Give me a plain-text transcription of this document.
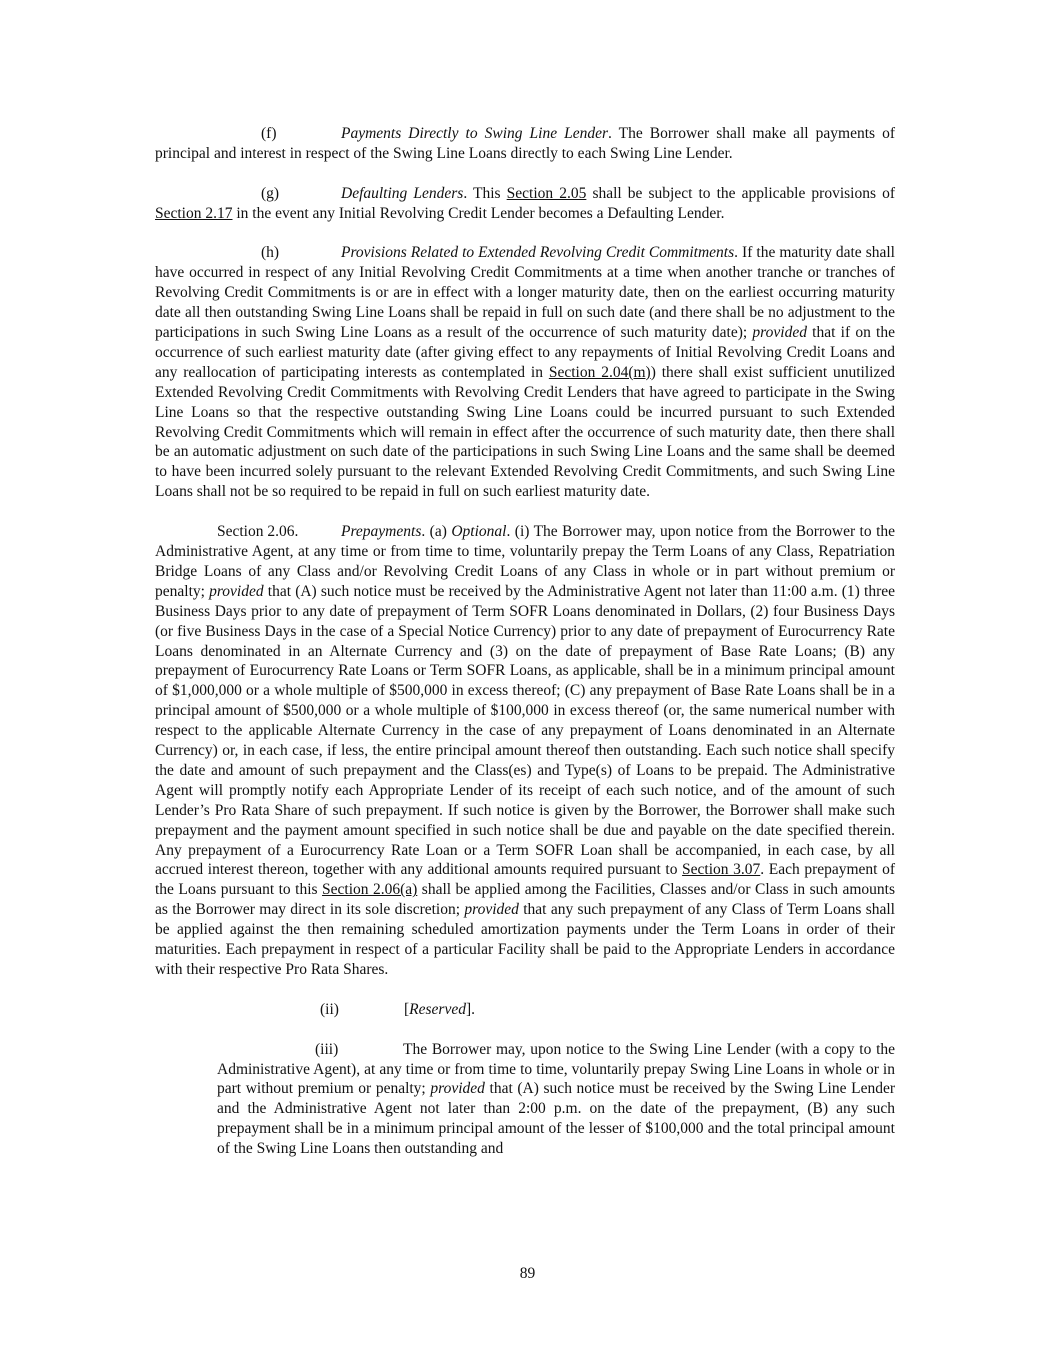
(f)	Payments Directly to Swing Line Lender. The Borrower shall make all payments of principal and interest in respect of the Swing Line Loans directly to each Swing Line Lender.

(g)	Defaulting Lenders. This Section 2.05 shall be subject to the applicable provisions of Section 2.17 in the event any Initial Revolving Credit Lender becomes a Defaulting Lender.

(h)	Provisions Related to Extended Revolving Credit Commitments. If the maturity date shall have occurred in respect of any Initial Revolving Credit Commitments at a time when another tranche or tranches of Revolving Credit Commitments is or are in effect with a longer maturity date, then on the earliest occurring maturity date all then outstanding Swing Line Loans shall be repaid in full on such date (and there shall be no adjustment to the participations in such Swing Line Loans as a result of the occurrence of such maturity date); provided that if on the occurrence of such earliest maturity date (after giving effect to any repayments of Initial Revolving Credit Loans and any reallocation of participating interests as contemplated in Section 2.04(m)) there shall exist sufficient unutilized Extended Revolving Credit Commitments with Revolving Credit Lenders that have agreed to participate in the Swing Line Loans so that the respective outstanding Swing Line Loans could be incurred pursuant to such Extended Revolving Credit Commitments which will remain in effect after the occurrence of such maturity date, then there shall be an automatic adjustment on such date of the participations in such Swing Line Loans and the same shall be deemed to have been incurred solely pursuant to the relevant Extended Revolving Credit Commitments, and such Swing Line Loans shall not be so required to be repaid in full on such earliest maturity date.

Section 2.06.	Prepayments. (a) Optional. (i) The Borrower may, upon notice from the Borrower to the Administrative Agent, at any time or from time to time, voluntarily prepay the Term Loans of any Class, Repatriation Bridge Loans of any Class and/or Revolving Credit Loans of any Class in whole or in part without premium or penalty; provided that (A) such notice must be received by the Administrative Agent not later than 11:00 a.m. (1) three Business Days prior to any date of prepayment of Term SOFR Loans denominated in Dollars, (2) four Business Days (or five Business Days in the case of a Special Notice Currency) prior to any date of prepayment of Eurocurrency Rate Loans denominated in an Alternate Currency and (3) on the date of prepayment of Base Rate Loans; (B) any prepayment of Eurocurrency Rate Loans or Term SOFR Loans, as applicable, shall be in a minimum principal amount of $1,000,000 or a whole multiple of $500,000 in excess thereof; (C) any prepayment of Base Rate Loans shall be in a principal amount of $500,000 or a whole multiple of $100,000 in excess thereof (or, the same numerical number with respect to the applicable Alternate Currency in the case of any prepayment of Loans denominated in an Alternate Currency) or, in each case, if less, the entire principal amount thereof then outstanding. Each such notice shall specify the date and amount of such prepayment and the Class(es) and Type(s) of Loans to be prepaid. The Administrative Agent will promptly notify each Appropriate Lender of its receipt of each such notice, and of the amount of such Lender’s Pro Rata Share of such prepayment. If such notice is given by the Borrower, the Borrower shall make such prepayment and the payment amount specified in such notice shall be due and payable on the date specified therein. Any prepayment of a Eurocurrency Rate Loan or a Term SOFR Loan shall be accompanied, in each case, by all accrued interest thereon, together with any additional amounts required pursuant to Section 3.07. Each prepayment of the Loans pursuant to this Section 2.06(a) shall be applied among the Facilities, Classes and/or Class in such amounts as the Borrower may direct in its sole discretion; provided that any such prepayment of any Class of Term Loans shall be applied against the then remaining scheduled amortization payments under the Term Loans in order of their maturities. Each prepayment in respect of a particular Facility shall be paid to the Appropriate Lenders in accordance with their respective Pro Rata Shares.

(ii)	[Reserved].

(iii)	The Borrower may, upon notice to the Swing Line Lender (with a copy to the Administrative Agent), at any time or from time to time, voluntarily prepay Swing Line Loans in whole or in part without premium or penalty; provided that (A) such notice must be received by the Swing Line Lender and the Administrative Agent not later than 2:00 p.m. on the date of the prepayment, (B) any such prepayment shall be in a minimum principal amount of the lesser of $100,000 and the total principal amount of the Swing Line Loans then outstanding and

89
